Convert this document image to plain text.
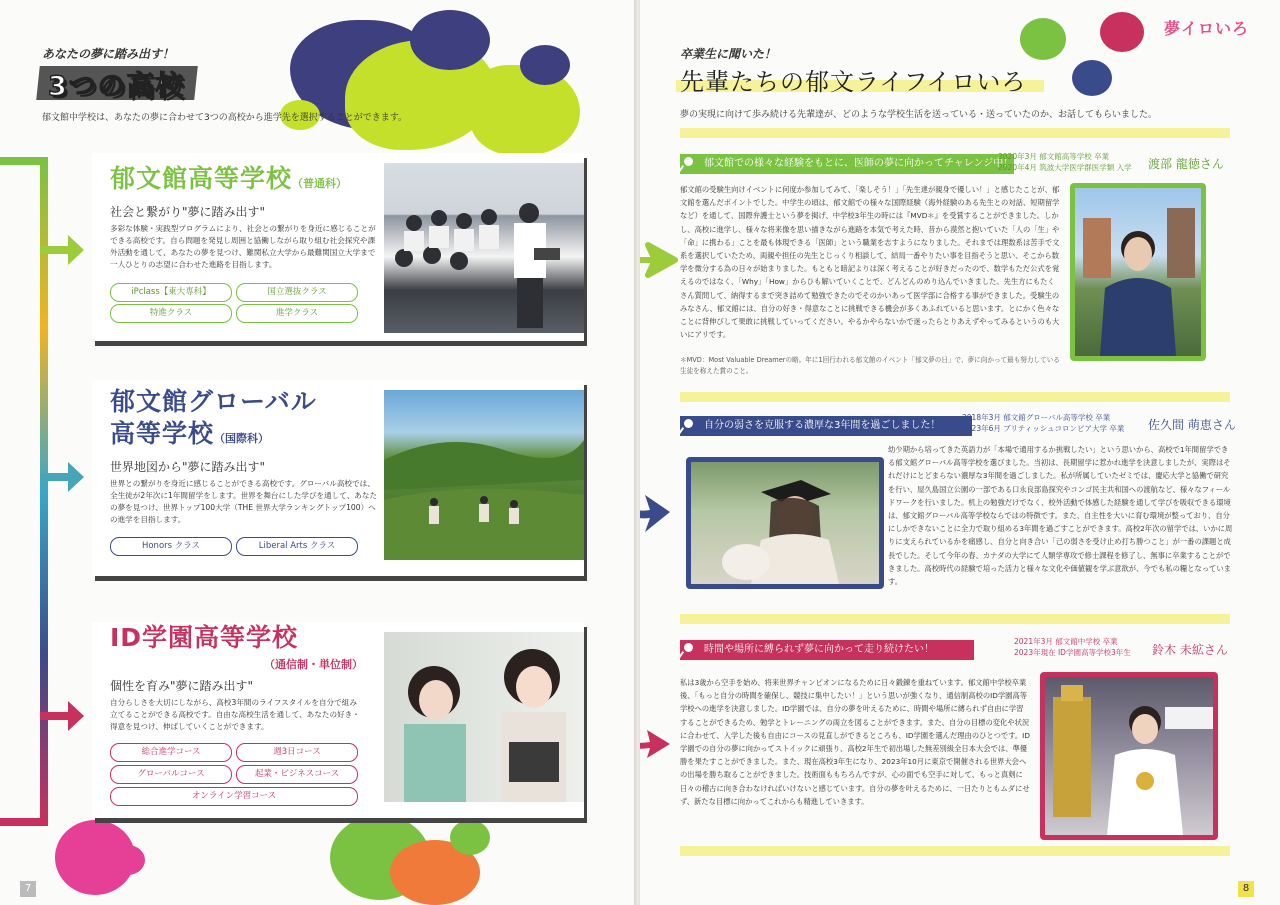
あなたの夢に踏み出す！
3つの高校
郁文館中学校は、あなたの夢に合わせて3つの高校から進学先を選択することができます。
郁文館高等学校（普通科）
社会と繋がり"夢に踏み出す"
多彩な体験・実践型プログラムにより、社会との繋がりを身近に感じることができる高校です。自ら問題を発見し周囲と協働しながら取り組む社会探究や課外活動を通して、あなたの夢を見つけ、難関私立大学から最難関国立大学まで一人ひとりの志望に合わせた進路を目指します。
iPclass【東大専科】	国立選抜クラス
特進クラス	進学クラス
郁文館グローバル
高等学校（国際科）
世界地図から"夢に踏み出す"
世界との繋がりを身近に感じることができる高校です。グローバル高校では、全生徒が2年次に1年間留学をします。世界を舞台にした学びを通して、あなたの夢を見つけ、世界トップ100大学（THE 世界大学ランキングトップ100）への進学を目指します。
Honors クラス	Liberal Arts クラス
ID学園高等学校
（通信制・単位制）
個性を育み"夢に踏み出す"
自分らしさを大切にしながら、高校3年間のライフスタイルを自分で組み立てることができる高校です。自由な高校生活を通して、あなたの好き・得意を見つけ、伸ばしていくことができます。
総合進学コース	週3日コース
グローバルコース	起業・ビジネスコース
オンライン学習コース
7
夢イロいろ
卒業生に聞いた！
先輩たちの郁文ライフイロいろ
夢の実現に向けて歩み続ける先輩達が、どのような学校生活を送っている・送っていたのか、お話してもらいました。
郁文館での様々な経験をもとに、医師の夢に向かってチャレンジ中！
2020年3月 郁文館高等学校 卒業
2020年4月 筑波大学医学群医学類 入学 渡部 龍徳さん
郁文館の受験生向けイベントに何度か参加してみて、「楽しそう！」「先生達が親身で優しい！」と感じたことが、郁文館を選んだポイントでした。中学生の頃は、郁文館での様々な国際経験（海外経験のある先生との対話、短期留学など）を通して、国際弁護士という夢を掲げ、中学校3年生の時には『MVD＊』を受賞することができました。しかし、高校に進学し、様々な将来像を思い描きながら進路を本気で考えた時、昔から漠然と抱いていた「人の「生」や「命」に携わる」ことを最も体現できる「医師」という職業を志すようになりました。それまでは理数系は苦手で文系を選択していたため、両親や担任の先生とじっくり相談して、結局一番やりたい事を目指そうと思い、そこから数学を微分する為の日々が始まりました。もともと暗記よりは深く考えることが好きだったので、数学もただ公式を覚えるのではなく、「Why」「How」からひも解いていくことで、どんどんのめり込んでいきました。先生方にもたくさん質問して、納得するまで突き詰めて勉強できたのでそのかいあって医学部に合格する事ができました。受験生のみなさん、郁文館には、自分の好き・得意なことに挑戦できる機会が多くあふれていると思います。とにかく色々なことに背伸びして果敢に挑戦していってください。やるかやらないかで迷ったらとりあえずやってみるというのも大いにアリです。
＊MVD：Most Valuable Dreamerの略。年に1回行われる郁文館のイベント「郁文夢の日」で、夢に向かって最も努力している生徒を称えた賞のこと。
自分の弱さを克服する濃厚な3年間を過ごしました！
2018年3月 郁文館グローバル高等学校 卒業
2023年6月 ブリティッシュコロンビア大学 卒業 佐久間 萌恵さん
幼少期から培ってきた英語力が「本場で通用するか挑戦したい」という思いから、高校で1年間留学できる郁文館グローバル高等学校を選びました。当初は、長期留学に惹かれ進学を決意しましたが、実際はそれだけにとどまらない濃厚な3年間を過ごしました。私が所属していたゼミでは、慶応大学と協働で研究を行い、屋久島国立公園の一部である口永良部島探究やコンゴ民主共和国への渡航など、様々なフィールドワークを行いました。机上の勉強だけでなく、校外活動で体感した経験を通して学びを吸収できる環境は、郁文館グローバル高等学校ならではの特徴です。また、自主性を大いに育む環境が整っており、自分にしかできないことに全力で取り組める3年間を過ごすことができます。高校2年次の留学では、いかに周りに支えられているかを痛感し、自分と向き合い「己の弱さを受け止め打ち勝つこと」が一番の課題と成長でした。そして今年の春、カナダの大学にて人類学専攻で修士課程を修了し、無事に卒業することができました。高校時代の経験で培った活力と様々な文化や価値観を学ぶ意欲が、今でも私の糧となっています。
時間や場所に縛られず夢に向かって走り続けたい！
2021年3月 郁文館中学校 卒業
2023年現在 ID学園高等学校3年生 鈴木 未絋さん
私は3歳から空手を始め、将来世界チャンピオンになるために日々鍛錬を重ねています。郁文館中学校卒業後、「もっと自分の時間を確保し、競技に集中したい！」という思いが強くなり、通信制高校のID学園高等学校への進学を決意しました。ID学園では、自分の夢を叶えるために、時間や場所に縛られず自由に学習することができるため、勉学とトレーニングの両立を図ることができます。また、自分の目標の変化や状況に合わせて、入学した後も自由にコースの見直しができるところも、ID学園を選んだ理由のひとつです。ID学園での自分の夢に向かってストイックに頑張り、高校2年生で初出場した無差別級全日本大会では、準優勝を果たすことができました。また、現在高校3年生になり、2023年10月に東京で開催される世界大会への出場を勝ち取ることができました。技術面ももちろんですが、心の面でも空手に対して、もっと真剣に日々の稽古に向き合わなければいけないと感じています。自分の夢を叶えるために、一日たりともムダにせず、新たな目標に向かってこれからも精進していきます。
8
